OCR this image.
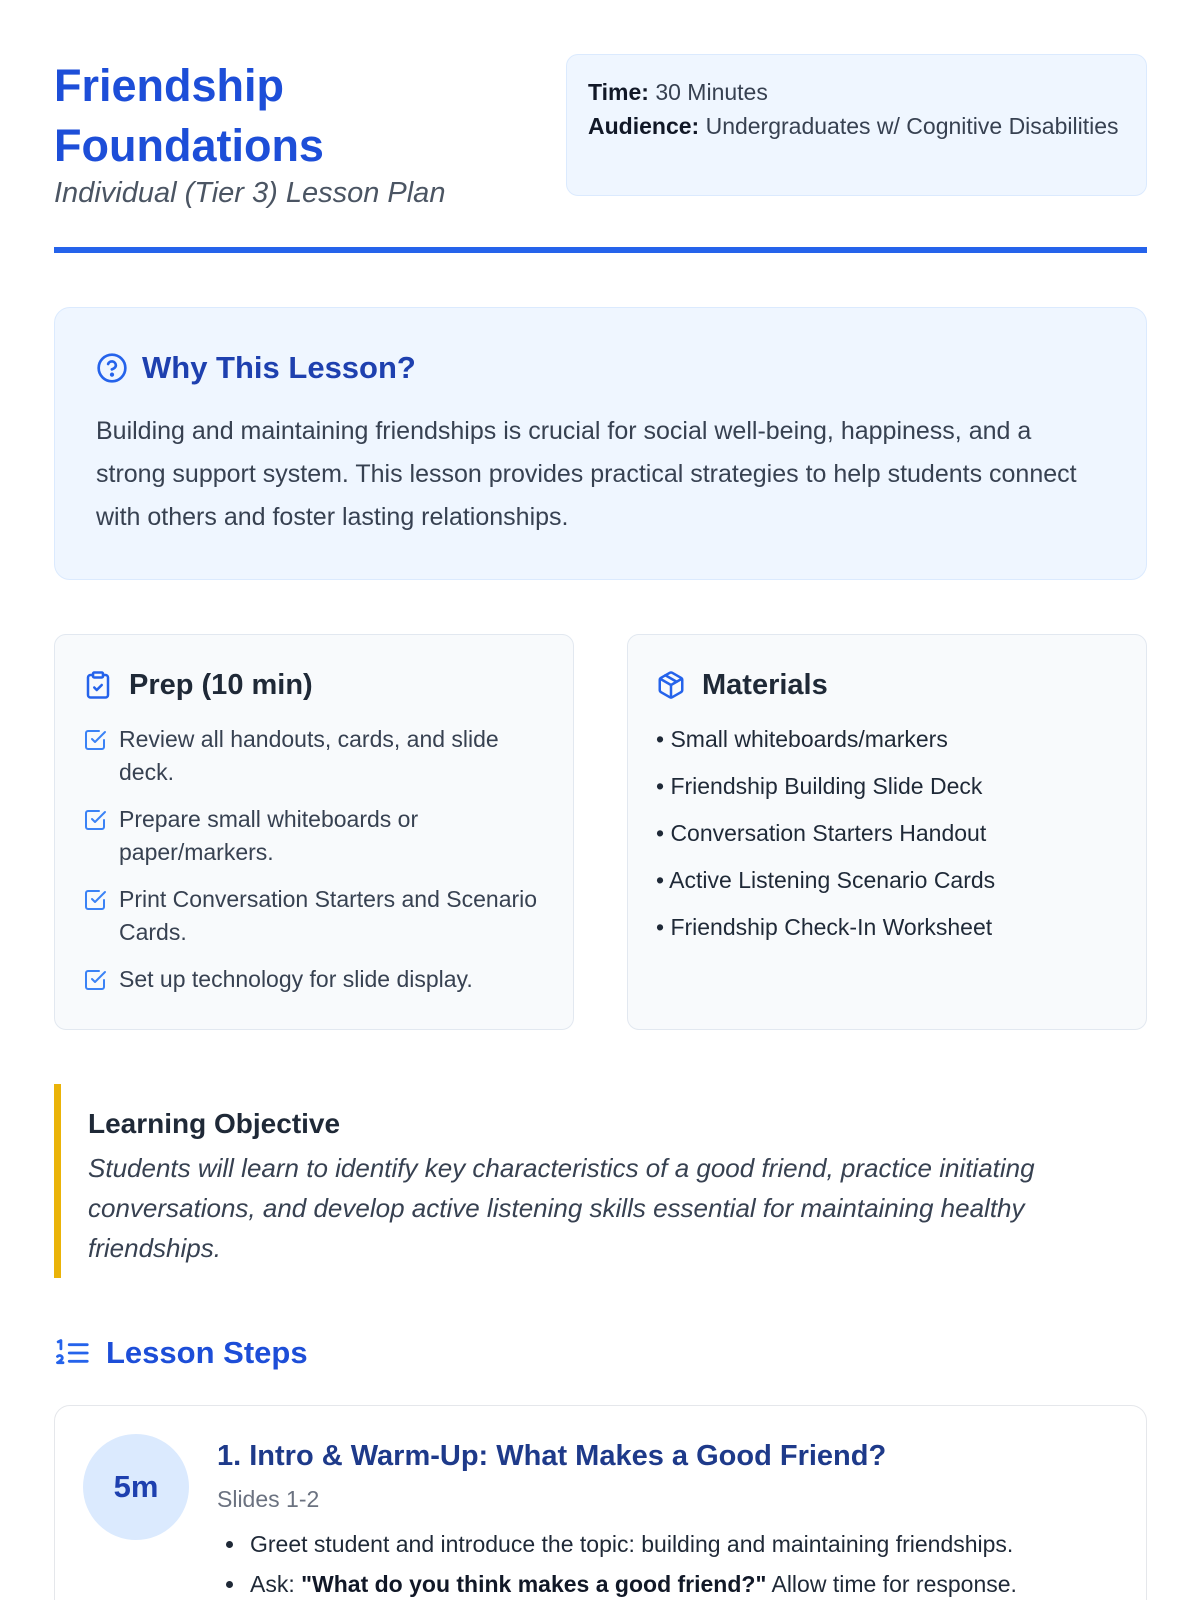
Friendship
Foundations
Individual (Tier 3) Lesson Plan
Time: 30 Minutes
Audience: Undergraduates w/ Cognitive Disabilities
Why This Lesson?

Building and maintaining friendships is crucial for social well-being, happiness, and a strong support system. This lesson provides practical strategies to help students connect with others and foster lasting relationships.

Prep (10 min)
Review all handouts, cards, and slide deck.
Prepare small whiteboards or paper/markers.
Print Conversation Starters and Scenario Cards.
Set up technology for slide display.
Materials
• Small whiteboards/markers
• Friendship Building Slide Deck
• Conversation Starters Handout
• Active Listening Scenario Cards
• Friendship Check-In Worksheet
Learning Objective

Students will learn to identify key characteristics of a good friend, practice initiating conversations, and develop active listening skills essential for maintaining healthy friendships.

Lesson Steps
5m
1. Intro & Warm-Up: What Makes a Good Friend?
Slides 1-2
Greet student and introduce the topic: building and maintaining friendships.
Ask: "What do you think makes a good friend?" Allow time for response.
